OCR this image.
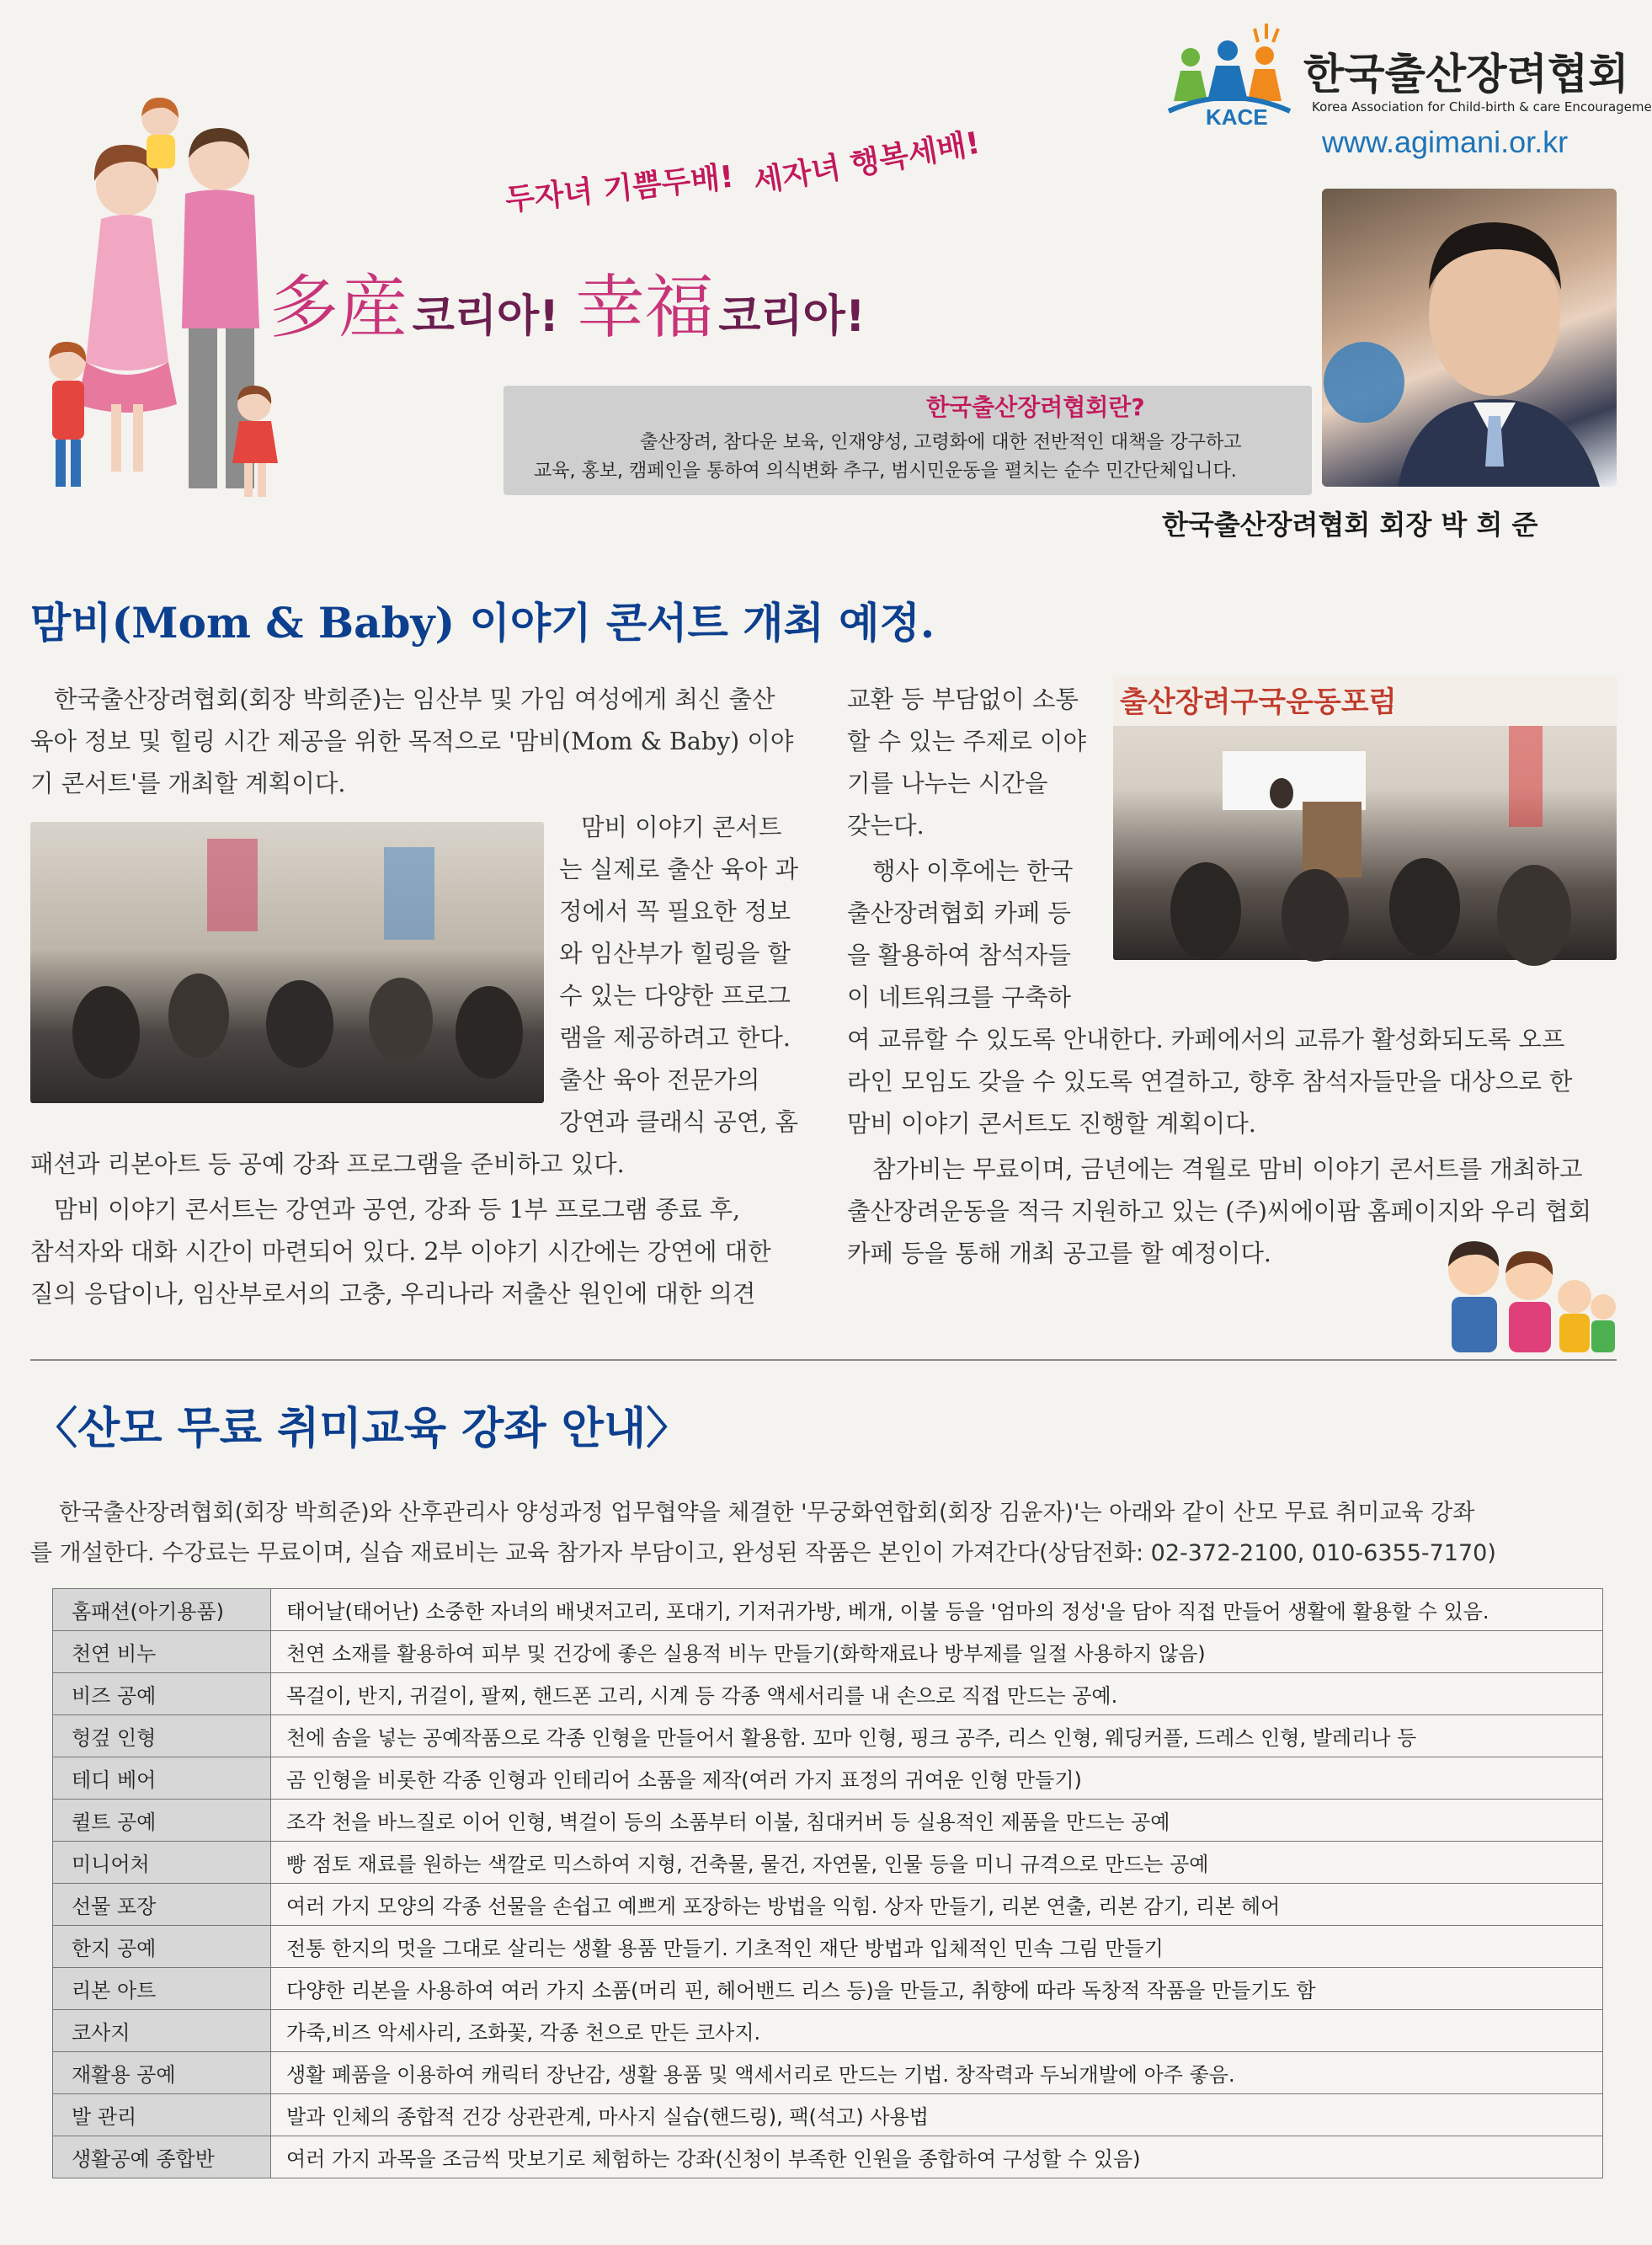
두자녀 기쁨두배! 세자녀 행복세배!
多産 코리아! 幸福 코리아!
한국출산장려협회란?
출산장려, 참다운 보육, 인재양성, 고령화에 대한 전반적인 대책을 강구하고
교육, 홍보, 캠페인을 통하여 의식변화 추구, 범시민운동을 펼치는 순수 민간단체입니다.
KACE
한국출산장려협회
Korea Association for Child-birth & care Encourageme
www.agimani.or.kr
한국출산장려협회 회장 박 희 준
맘비(Mom & Baby) 이야기 콘서트 개최 예정.
한국출산장려협회(회장 박희준)는 임산부 및 가임 여성에게 최신 출산
육아 정보 및 힐링 시간 제공을 위한 목적으로 '맘비(Mom & Baby) 이야
기 콘서트'를 개최할 계획이다.
맘비 이야기 콘서트
는 실제로 출산 육아 과
정에서 꼭 필요한 정보
와 임산부가 힐링을 할
수 있는 다양한 프로그
램을 제공하려고 한다.
출산 육아 전문가의
강연과 클래식 공연, 홈
패션과 리본아트 등 공예 강좌 프로그램을 준비하고 있다.
맘비 이야기 콘서트는 강연과 공연, 강좌 등 1부 프로그램 종료 후,
참석자와 대화 시간이 마련되어 있다. 2부 이야기 시간에는 강연에 대한
질의 응답이나, 임산부로서의 고충, 우리나라 저출산 원인에 대한 의견
교환 등 부담없이 소통
할 수 있는 주제로 이야
기를 나누는 시간을
갖는다.
행사 이후에는 한국
출산장려협회 카페 등
을 활용하여 참석자들
이 네트워크를 구축하
출산장려구국운동포럼
여 교류할 수 있도록 안내한다. 카페에서의 교류가 활성화되도록 오프
라인 모임도 갖을 수 있도록 연결하고, 향후 참석자들만을 대상으로 한
맘비 이야기 콘서트도 진행할 계획이다.
참가비는 무료이며, 금년에는 격월로 맘비 이야기 콘서트를 개최하고
출산장려운동을 적극 지원하고 있는 (주)씨에이팜 홈페이지와 우리 협회
카페 등을 통해 개최 공고를 할 예정이다.
〈산모 무료 취미교육 강좌 안내〉
한국출산장려협회(회장 박희준)와 산후관리사 양성과정 업무협약을 체결한 '무궁화연합회(회장 김윤자)'는 아래와 같이 산모 무료 취미교육 강좌
를 개설한다. 수강료는 무료이며, 실습 재료비는 교육 참가자 부담이고, 완성된 작품은 본인이 가져간다(상담전화: 02-372-2100, 010-6355-7170)
홈패션(아기용품)	태어날(태어난) 소중한 자녀의 배냇저고리, 포대기, 기저귀가방, 베개, 이불 등을 '엄마의 정성'을 담아 직접 만들어 생활에 활용할 수 있음.
천연 비누	천연 소재를 활용하여 피부 및 건강에 좋은 실용적 비누 만들기(화학재료나 방부제를 일절 사용하지 않음)
비즈 공예	목걸이, 반지, 귀걸이, 팔찌, 핸드폰 고리, 시계 등 각종 액세서리를 내 손으로 직접 만드는 공예.
헝겊 인형	천에 솜을 넣는 공예작품으로 각종 인형을 만들어서 활용함. 꼬마 인형, 핑크 공주, 리스 인형, 웨딩커플, 드레스 인형, 발레리나 등
테디 베어	곰 인형을 비롯한 각종 인형과 인테리어 소품을 제작(여러 가지 표정의 귀여운 인형 만들기)
퀼트 공예	조각 천을 바느질로 이어 인형, 벽걸이 등의 소품부터 이불, 침대커버 등 실용적인 제품을 만드는 공예
미니어처	빵 점토 재료를 원하는 색깔로 믹스하여 지형, 건축물, 물건, 자연물, 인물 등을 미니 규격으로 만드는 공예
선물 포장	여러 가지 모양의 각종 선물을 손쉽고 예쁘게 포장하는 방법을 익힘. 상자 만들기, 리본 연출, 리본 감기, 리본 헤어
한지 공예	전통 한지의 멋을 그대로 살리는 생활 용품 만들기. 기초적인 재단 방법과 입체적인 민속 그림 만들기
리본 아트	다양한 리본을 사용하여 여러 가지 소품(머리 핀, 헤어밴드 리스 등)을 만들고, 취향에 따라 독창적 작품을 만들기도 함
코사지	가죽,비즈 악세사리, 조화꽃, 각종 천으로 만든 코사지.
재활용 공예	생활 폐품을 이용하여 캐릭터 장난감, 생활 용품 및 액세서리로 만드는 기법. 창작력과 두뇌개발에 아주 좋음.
발 관리	발과 인체의 종합적 건강 상관관계, 마사지 실습(핸드링), 팩(석고) 사용법
생활공예 종합반	여러 가지 과목을 조금씩 맛보기로 체험하는 강좌(신청이 부족한 인원을 종합하여 구성할 수 있음)
